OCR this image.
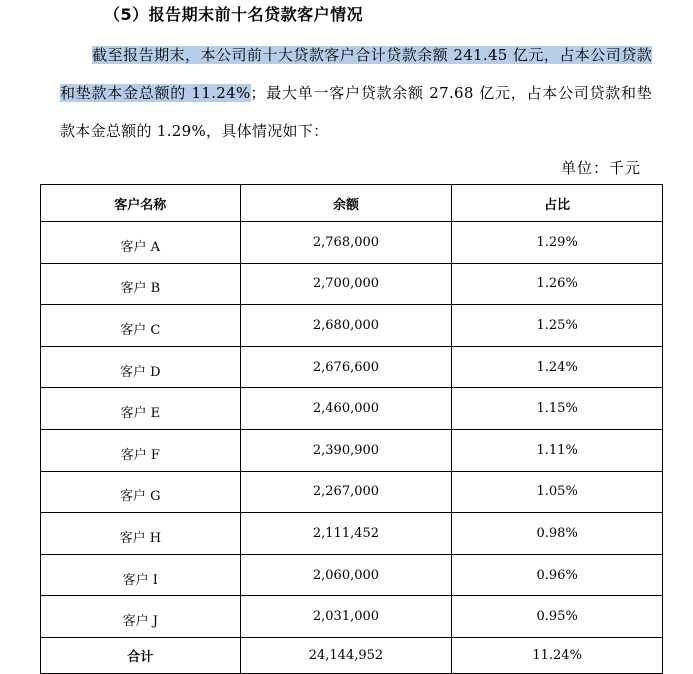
（5）报告期末前十名贷款客户情况
截至报告期末，本公司前十大贷款客户合计贷款余额 241.45 亿元，占本公司贷款和垫款本金总额的 11.24%；最大单一客户贷款余额 27.68 亿元，占本公司贷款和垫款本金总额的 1.29%，具体情况如下：
单位：千元
客户名称	余额	占比
客户 A	2,768,000	1.29%
客户 B	2,700,000	1.26%
客户 C	2,680,000	1.25%
客户 D	2,676,600	1.24%
客户 E	2,460,000	1.15%
客户 F	2,390,900	1.11%
客户 G	2,267,000	1.05%
客户 H	2,111,452	0.98%
客户 I	2,060,000	0.96%
客户 J	2,031,000	0.95%
合计	24,144,952	11.24%
